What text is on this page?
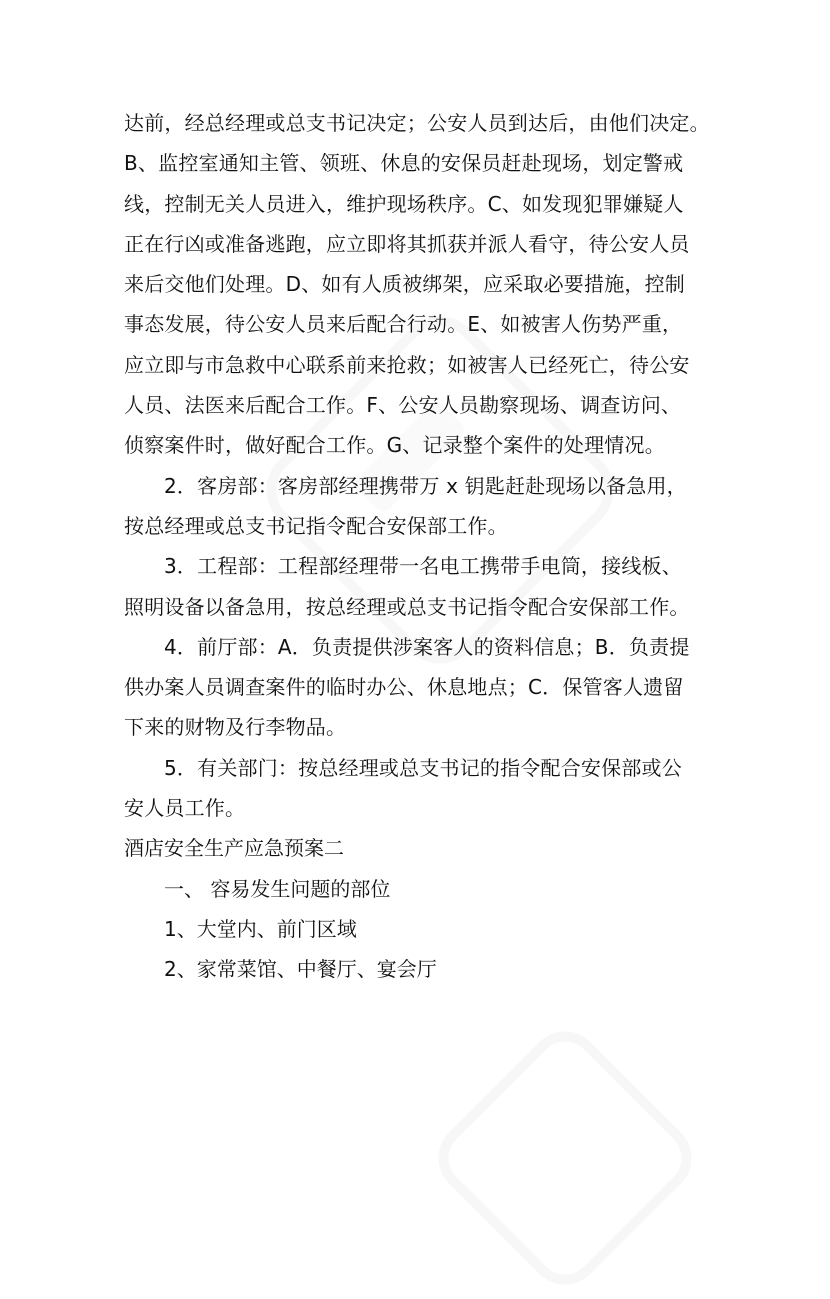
达前，经总经理或总支书记决定；公安人员到达后，由他们决定。
B、监控室通知主管、领班、休息的安保员赶赴现场，划定警戒
线，控制无关人员进入，维护现场秩序。C、如发现犯罪嫌疑人
正在行凶或准备逃跑，应立即将其抓获并派人看守，待公安人员
来后交他们处理。D、如有人质被绑架，应采取必要措施，控制
事态发展，待公安人员来后配合行动。E、如被害人伤势严重，
应立即与市急救中心联系前来抢救；如被害人已经死亡，待公安
人员、法医来后配合工作。F、公安人员勘察现场、调查访问、
侦察案件时，做好配合工作。G、记录整个案件的处理情况。
2．客房部：客房部经理携带万 x 钥匙赶赴现场以备急用，
按总经理或总支书记指令配合安保部工作。
3．工程部：工程部经理带一名电工携带手电筒，接线板、
照明设备以备急用，按总经理或总支书记指令配合安保部工作。
4．前厅部：A．负责提供涉案客人的资料信息；B．负责提
供办案人员调查案件的临时办公、休息地点；C．保管客人遗留
下来的财物及行李物品。
5．有关部门：按总经理或总支书记的指令配合安保部或公
安人员工作。
酒店安全生产应急预案二
一、 容易发生问题的部位
1、大堂内、前门区域
2、家常菜馆、中餐厅、宴会厅
